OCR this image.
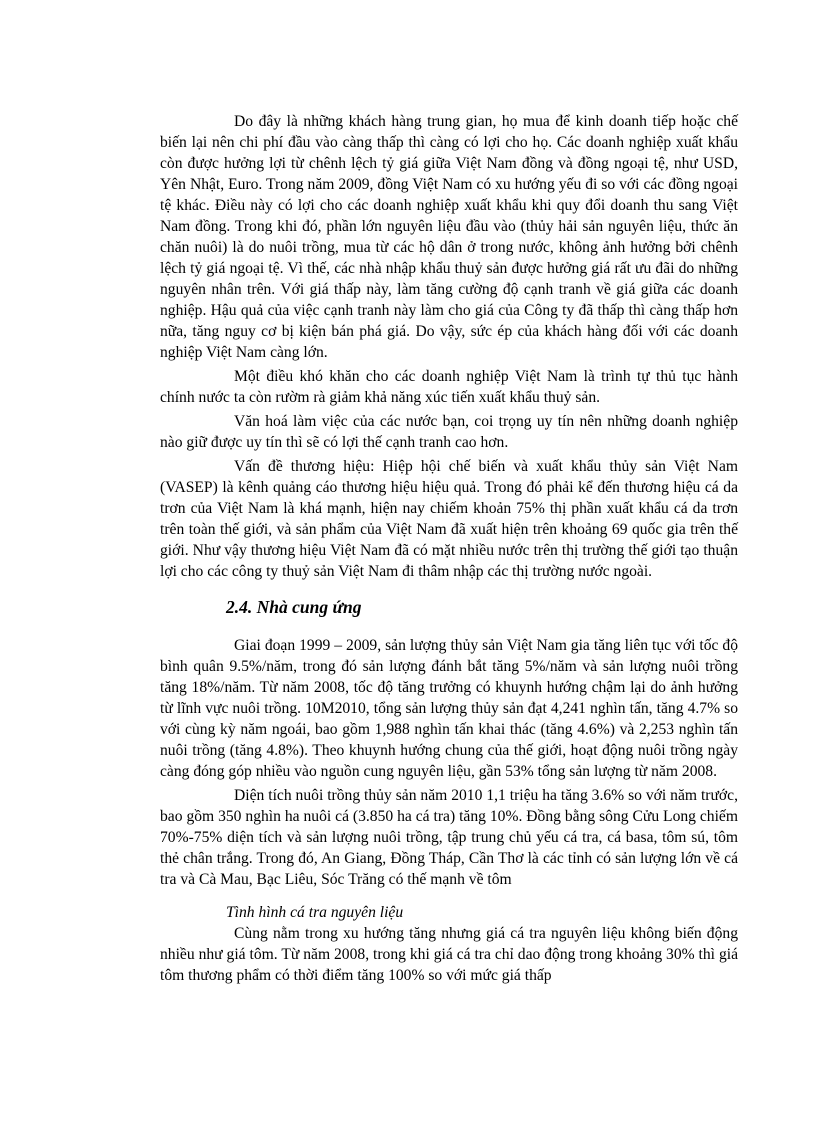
Do đây là những khách hàng trung gian, họ mua để kinh doanh tiếp hoặc chế biến lại nên chi phí đầu vào càng thấp thì càng có lợi cho họ. Các doanh nghiệp xuất khẩu còn được hưởng lợi từ chênh lệch tỷ giá giữa Việt Nam đồng và đồng ngoại tệ, như USD, Yên Nhật, Euro. Trong năm 2009, đồng Việt Nam có xu hướng yếu đi so với các đồng ngoại tệ khác. Điều này có lợi cho các doanh nghiệp xuất khẩu khi quy đổi doanh thu sang Việt Nam đồng. Trong khi đó, phần lớn nguyên liệu đầu vào (thủy hải sản nguyên liệu, thức ăn chăn nuôi) là do nuôi trồng, mua từ các hộ dân ở trong nước, không ảnh hưởng bởi chênh lệch tỷ giá ngoại tệ. Vì thế, các nhà nhập khẩu thuỷ sản được hưởng giá rất ưu đãi do những nguyên nhân trên. Với giá thấp này, làm tăng cường độ cạnh tranh về giá giữa các doanh nghiệp. Hậu quả của việc cạnh tranh này làm cho giá của Công ty đã thấp thì càng thấp hơn nữa, tăng nguy cơ bị kiện bán phá giá. Do vậy, sức ép của khách hàng đối với các doanh nghiệp Việt Nam càng lớn.

Một điều khó khăn cho các doanh nghiệp Việt Nam là trình tự thủ tục hành chính nước ta còn rườm rà giảm khả năng xúc tiến xuất khẩu thuỷ sản.

Văn hoá làm việc của các nước bạn, coi trọng uy tín nên những doanh nghiệp nào giữ được uy tín thì sẽ có lợi thế cạnh tranh cao hơn.

Vấn đề thương hiệu: Hiệp hội chế biến và xuất khẩu thủy sản Việt Nam (VASEP) là kênh quảng cáo thương hiệu hiệu quả. Trong đó phải kể đến thương hiệu cá da trơn của Việt Nam là khá mạnh, hiện nay chiếm khoản 75% thị phần xuất khẩu cá da trơn trên toàn thế giới, và sản phẩm của Việt Nam đã xuất hiện trên khoảng 69 quốc gia trên thế giới. Như vậy thương hiệu Việt Nam đã có mặt nhiều nước trên thị trường thế giới tạo thuận lợi cho các công ty thuỷ sản Việt Nam đi thâm nhập các thị trường nước ngoài.

2.4. Nhà cung ứng

Giai đoạn 1999 – 2009, sản lượng thủy sản Việt Nam gia tăng liên tục với tốc độ bình quân 9.5%/năm, trong đó sản lượng đánh bắt tăng 5%/năm và sản lượng nuôi trồng tăng 18%/năm. Từ năm 2008, tốc độ tăng trưởng có khuynh hướng chậm lại do ảnh hưởng từ lĩnh vực nuôi trồng. 10M2010, tổng sản lượng thủy sản đạt 4,241 nghìn tấn, tăng 4.7% so với cùng kỳ năm ngoái, bao gồm 1,988 nghìn tấn khai thác (tăng 4.6%) và 2,253 nghìn tấn nuôi trồng (tăng 4.8%). Theo khuynh hướng chung của thế giới, hoạt động nuôi trồng ngày càng đóng góp nhiều vào nguồn cung nguyên liệu, gần 53% tổng sản lượng từ năm 2008.

Diện tích nuôi trồng thủy sản năm 2010 1,1 triệu ha tăng 3.6% so với năm trước, bao gồm 350 nghìn ha nuôi cá (3.850 ha cá tra) tăng 10%. Đồng bằng sông Cửu Long chiếm 70%-75% diện tích và sản lượng nuôi trồng, tập trung chủ yếu cá tra, cá basa, tôm sú, tôm thẻ chân trắng. Trong đó, An Giang, Đồng Tháp, Cần Thơ là các tỉnh có sản lượng lớn về cá tra và Cà Mau, Bạc Liêu, Sóc Trăng có thế mạnh về tôm

Tình hình cá tra nguyên liệu

Cùng nằm trong xu hướng tăng nhưng giá cá tra nguyên liệu không biến động nhiều như giá tôm. Từ năm 2008, trong khi giá cá tra chỉ dao động trong khoảng 30% thì giá tôm thương phẩm có thời điểm tăng 100% so với mức giá thấp
